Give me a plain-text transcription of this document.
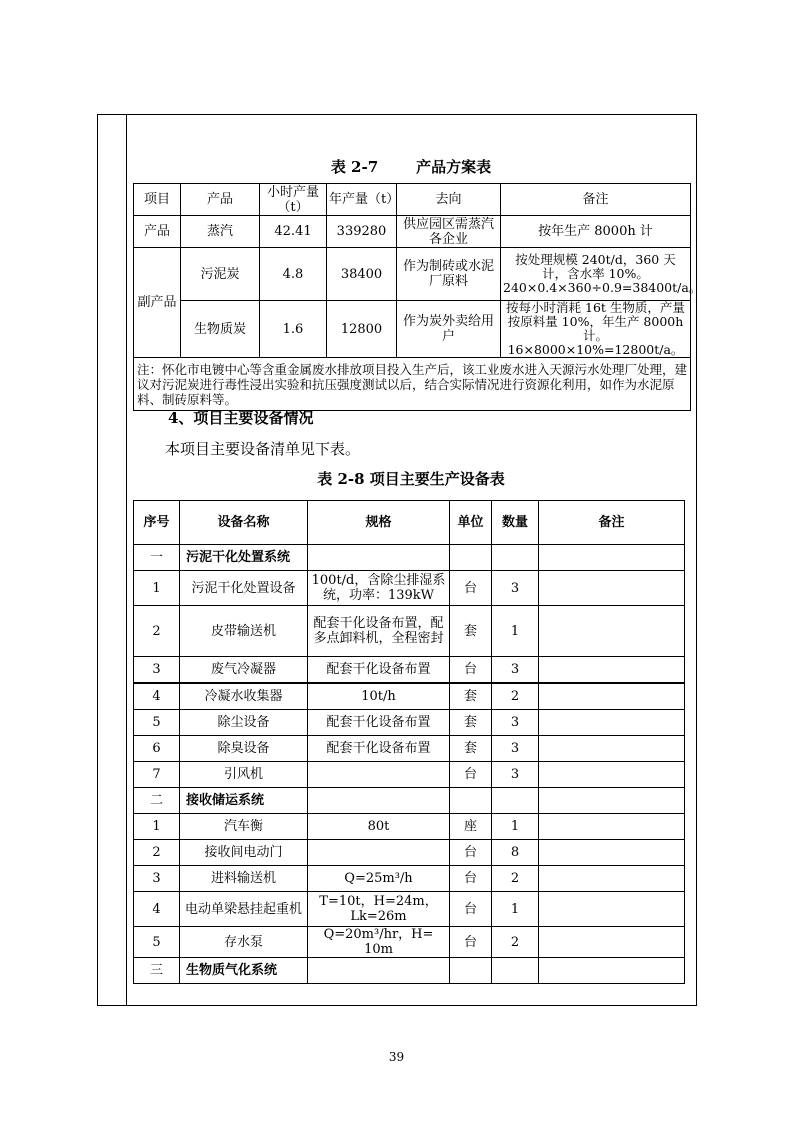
表 2-7	产品方案表
项目	产品	小时产量（t）	年产量（t）	去向	备注
产品	蒸汽	42.41	339280	供应园区需蒸汽各企业	按年生产 8000h 计
副产品	污泥炭	4.8	38400	作为制砖或水泥厂原料	按处理规模 240t/d，360 天计，含水率 10%。240×0.4×360÷0.9=38400t/a。
	生物质炭	1.6	12800	作为炭外卖给用户	按每小时消耗 16t 生物质，产量按原料量 10%，年生产 8000h 计。16×8000×10%=12800t/a。
注：怀化市电镀中心等含重金属废水排放项目投入生产后，该工业废水进入天源污水处理厂处理，建议对污泥炭进行毒性浸出实验和抗压强度测试以后，结合实际情况进行资源化利用，如作为水泥原料、制砖原料等。					
4、项目主要设备情况
本项目主要设备清单见下表。
表 2-8 项目主要生产设备表
序号	设备名称	规格	单位	数量	备注
一	污泥干化处置系统				
1	污泥干化处置设备	100t/d，含除尘排湿系统，功率：139kW	台	3	
2	皮带输送机	配套干化设备布置，配多点卸料机，全程密封	套	1	
3	废气冷凝器	配套干化设备布置	台	3	
4	冷凝水收集器	10t/h	套	2	
5	除尘设备	配套干化设备布置	套	3	
6	除臭设备	配套干化设备布置	套	3	
7	引风机		台	3	
二	接收储运系统				
1	汽车衡	80t	座	1	
2	接收间电动门		台	8	
3	进料输送机	Q=25m³/h	台	2	
4	电动单梁悬挂起重机	T=10t，H=24m，Lk=26m	台	1	
5	存水泵	Q=20m³/hr，H= 10m	台	2	
三	生物质气化系统				
39
